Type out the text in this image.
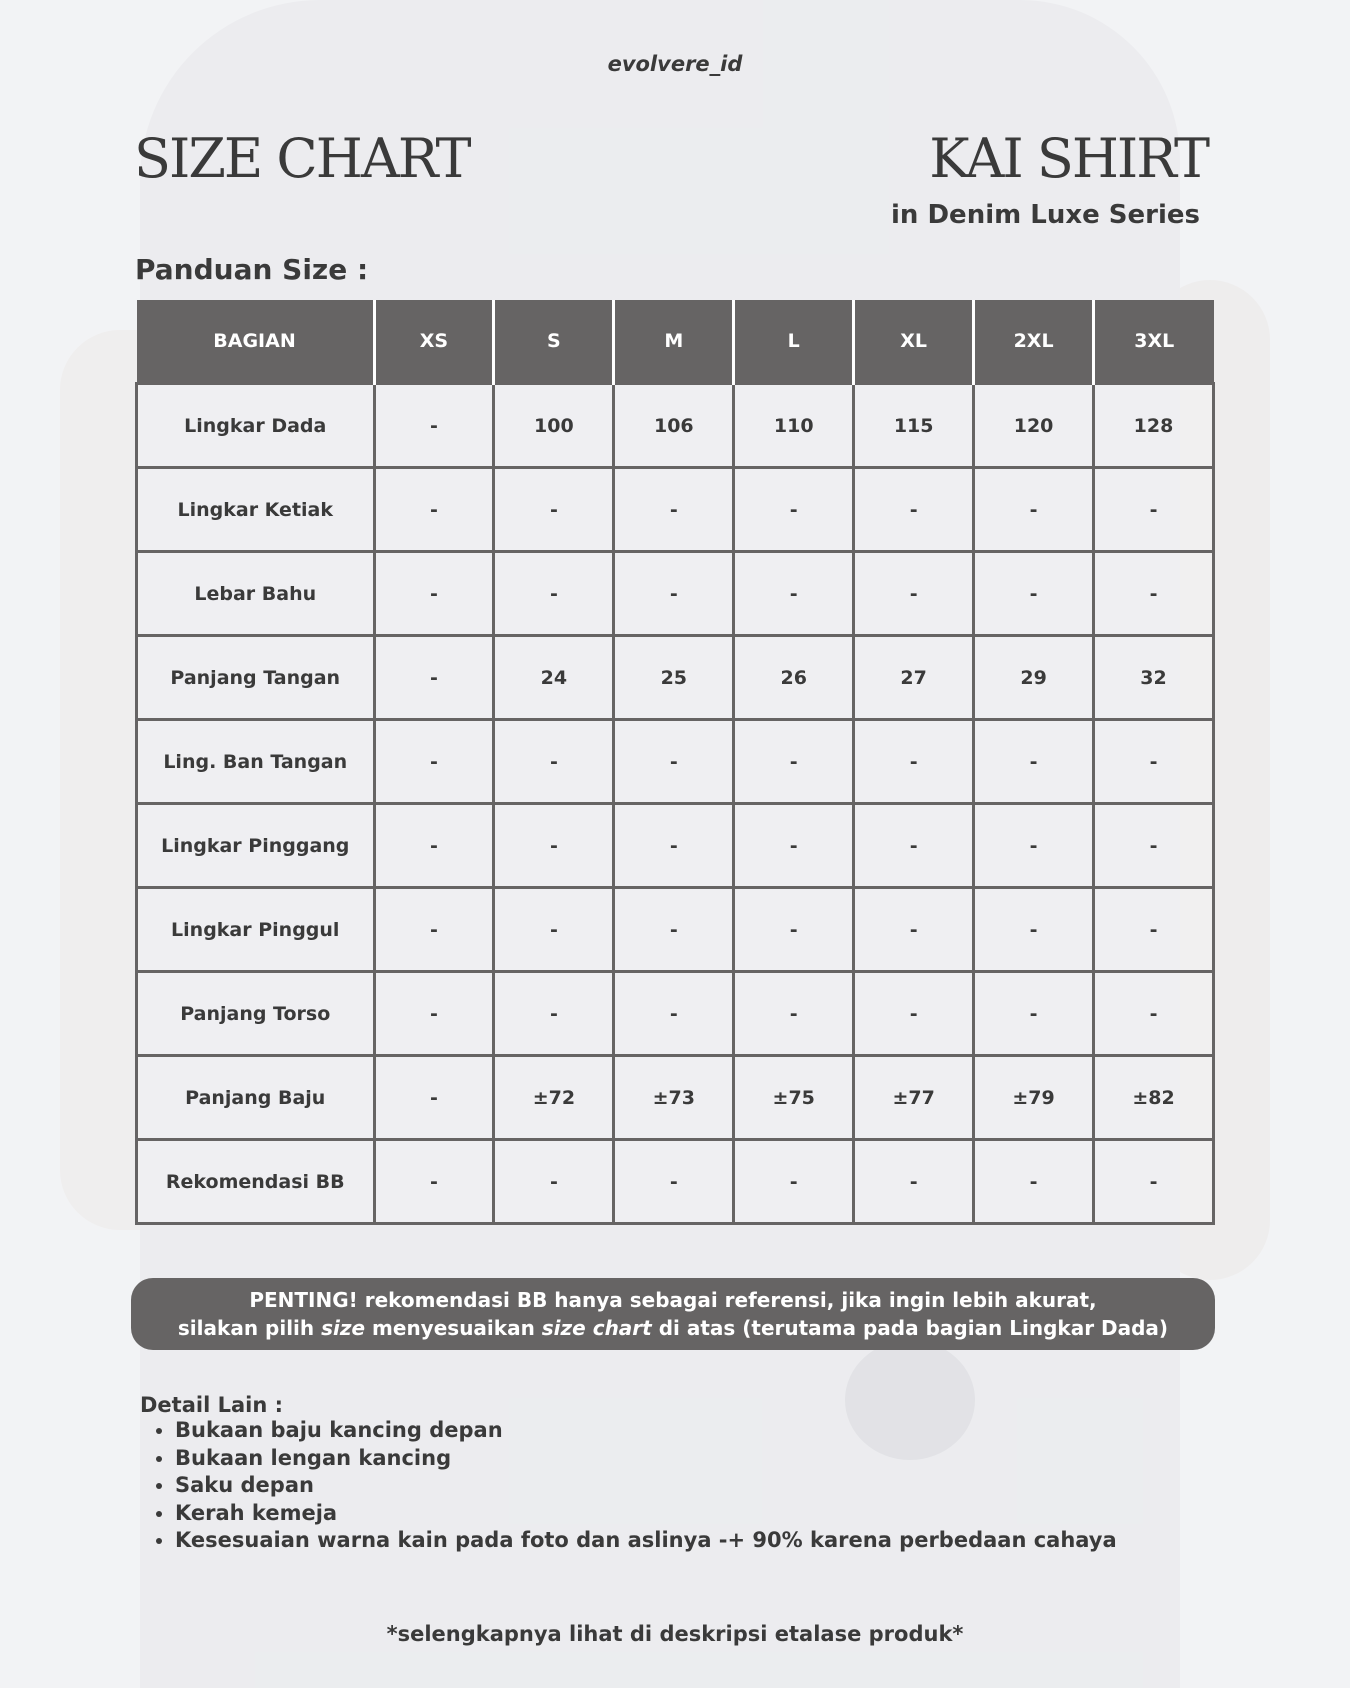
evolvere_id
SIZE CHART	KAI SHIRT
in Denim Luxe Series
Panduan Size :
BAGIAN	XS	S	M	L	XL	2XL	3XL
Lingkar Dada	-	100	106	110	115	120	128
Lingkar Ketiak	-	-	-	-	-	-	-
Lebar Bahu	-	-	-	-	-	-	-
Panjang Tangan	-	24	25	26	27	29	32
Ling. Ban Tangan	-	-	-	-	-	-	-
Lingkar Pinggang	-	-	-	-	-	-	-
Lingkar Pinggul	-	-	-	-	-	-	-
Panjang Torso	-	-	-	-	-	-	-
Panjang Baju	-	±72	±73	±75	±77	±79	±82
Rekomendasi BB	-	-	-	-	-	-	-
PENTING! rekomendasi BB hanya sebagai referensi, jika ingin lebih akurat,
silakan pilih size menyesuaikan size chart di atas (terutama pada bagian Lingkar Dada)
Detail Lain :
• Bukaan baju kancing depan
• Bukaan lengan kancing
• Saku depan
• Kerah kemeja
• Kesesuaian warna kain pada foto dan aslinya -+ 90% karena perbedaan cahaya
*selengkapnya lihat di deskripsi etalase produk*
